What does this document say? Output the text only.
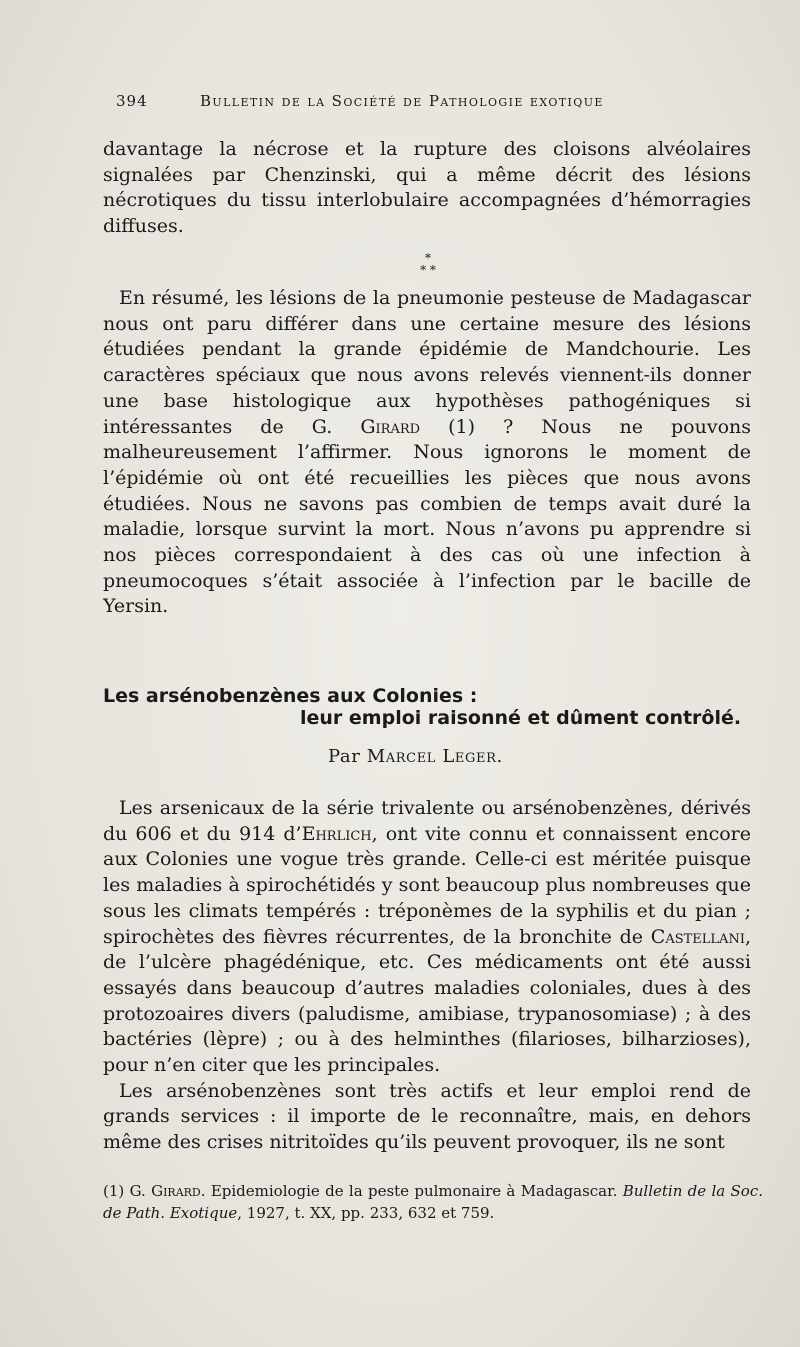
394	Bulletin de la Société de Pathologie exotique

davantage la nécrose et la rupture des cloisons alvéolaires signalées par Chenzinski, qui a même décrit des lésions nécrotiques du tissu interlobulaire accompagnées d’hémorragies diffuses.

*
* *

En résumé, les lésions de la pneumonie pesteuse de Madagascar nous ont paru différer dans une certaine mesure des lésions étudiées pendant la grande épidémie de Mandchourie. Les caractères spéciaux que nous avons relevés viennent-ils donner une base histologique aux hypothèses pathogéniques si intéressantes de G. Girard (1) ? Nous ne pouvons malheureusement l’affirmer. Nous ignorons le moment de l’épidémie où ont été recueillies les pièces que nous avons étudiées. Nous ne savons pas combien de temps avait duré la maladie, lorsque survint la mort. Nous n’avons pu apprendre si nos pièces correspondaient à des cas où une infection à pneumocoques s’était associée à l’infection par le bacille de Yersin.

Les arsénobenzènes aux Colonies :
leur emploi raisonné et dûment contrôlé.
Par Marcel Leger.

Les arsenicaux de la série trivalente ou arsénobenzènes, dérivés du 606 et du 914 d’Ehrlich, ont vite connu et connaissent encore aux Colonies une vogue très grande. Celle-ci est méritée puisque les maladies à spirochétidés y sont beaucoup plus nombreuses que sous les climats tempérés : tréponèmes de la syphilis et du pian ; spirochètes des fièvres récurrentes, de la bronchite de Castellani, de l’ulcère phagédénique, etc. Ces médicaments ont été aussi essayés dans beaucoup d’autres maladies coloniales, dues à des protozoaires divers (paludisme, amibiase, trypanosomiase) ; à des bactéries (lèpre) ; ou à des helminthes (filarioses, bilharzioses), pour n’en citer que les principales.

Les arsénobenzènes sont très actifs et leur emploi rend de grands services : il importe de le reconnaître, mais, en dehors même des crises nitritoïdes qu’ils peuvent provoquer, ils ne sont

(1) G. Girard. Epidemiologie de la peste pulmonaire à Madagascar. Bulletin de la Soc. de Path. Exotique, 1927, t. XX, pp. 233, 632 et 759.
